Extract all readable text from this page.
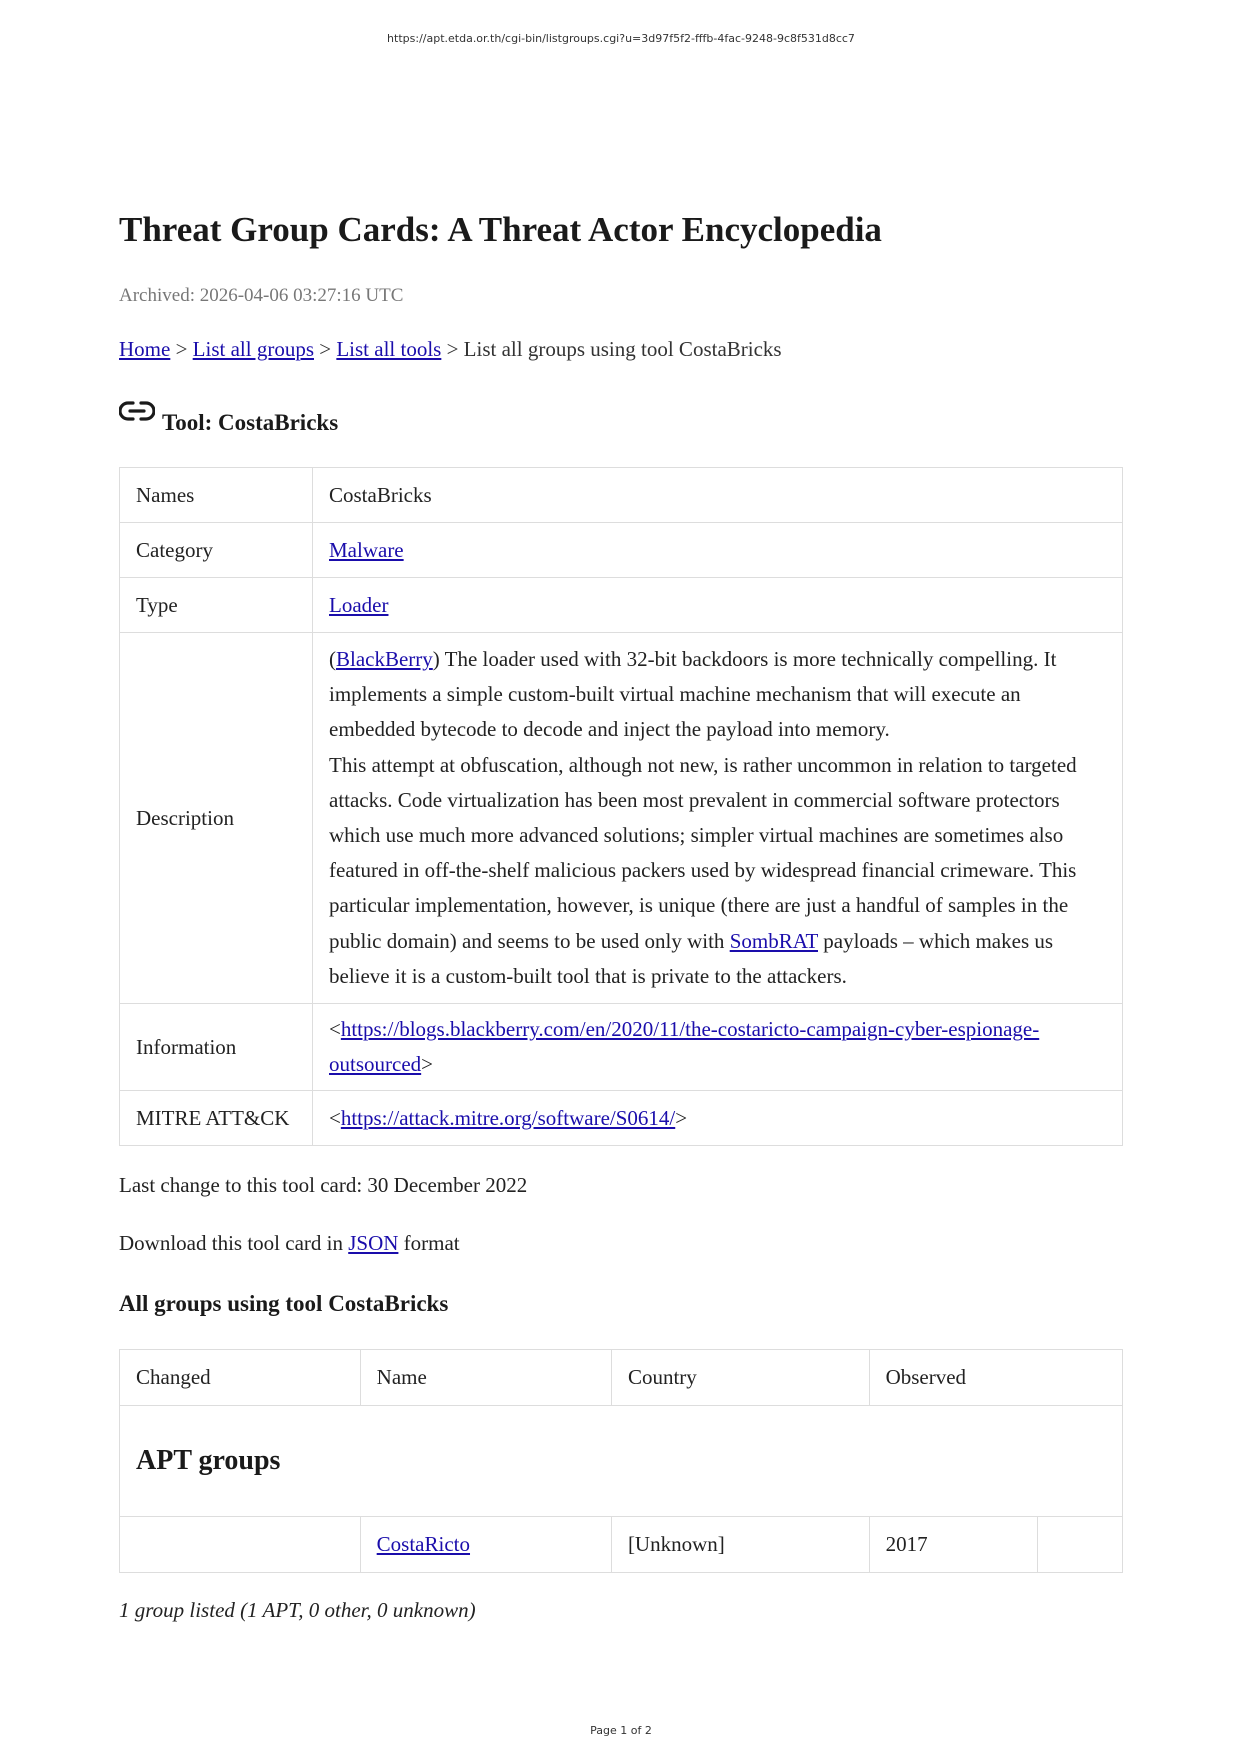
https://apt.etda.or.th/cgi-bin/listgroups.cgi?u=3d97f5f2-fffb-4fac-9248-9c8f531d8cc7
Threat Group Cards: A Threat Actor Encyclopedia
Archived: 2026-04-06 03:27:16 UTC
Home > List all groups > List all tools > List all groups using tool CostaBricks
Tool: CostaBricks
Names	CostaBricks
Category	Malware
Type	Loader
Description	(BlackBerry) The loader used with 32-bit backdoors is more technically compelling. It implements a simple custom-built virtual machine mechanism that will execute an embedded bytecode to decode and inject the payload into memory.
This attempt at obfuscation, although not new, is rather uncommon in relation to targeted attacks. Code virtualization has been most prevalent in commercial software protectors which use much more advanced solutions; simpler virtual machines are sometimes also featured in off-the-shelf malicious packers used by widespread financial crimeware. This particular implementation, however, is unique (there are just a handful of samples in the public domain) and seems to be used only with SombRAT payloads – which makes us believe it is a custom-built tool that is private to the attackers.
Information	<https://blogs.blackberry.com/en/2020/11/the-costaricto-campaign-cyber-espionage-outsourced>
MITRE ATT&CK	<https://attack.mitre.org/software/S0614/>
Last change to this tool card: 30 December 2022
Download this tool card in JSON format
All groups using tool CostaBricks
Changed	Name	Country	Observed	
APT groups				
	CostaRicto	[Unknown]	2017	
1 group listed (1 APT, 0 other, 0 unknown)
Page 1 of 2
